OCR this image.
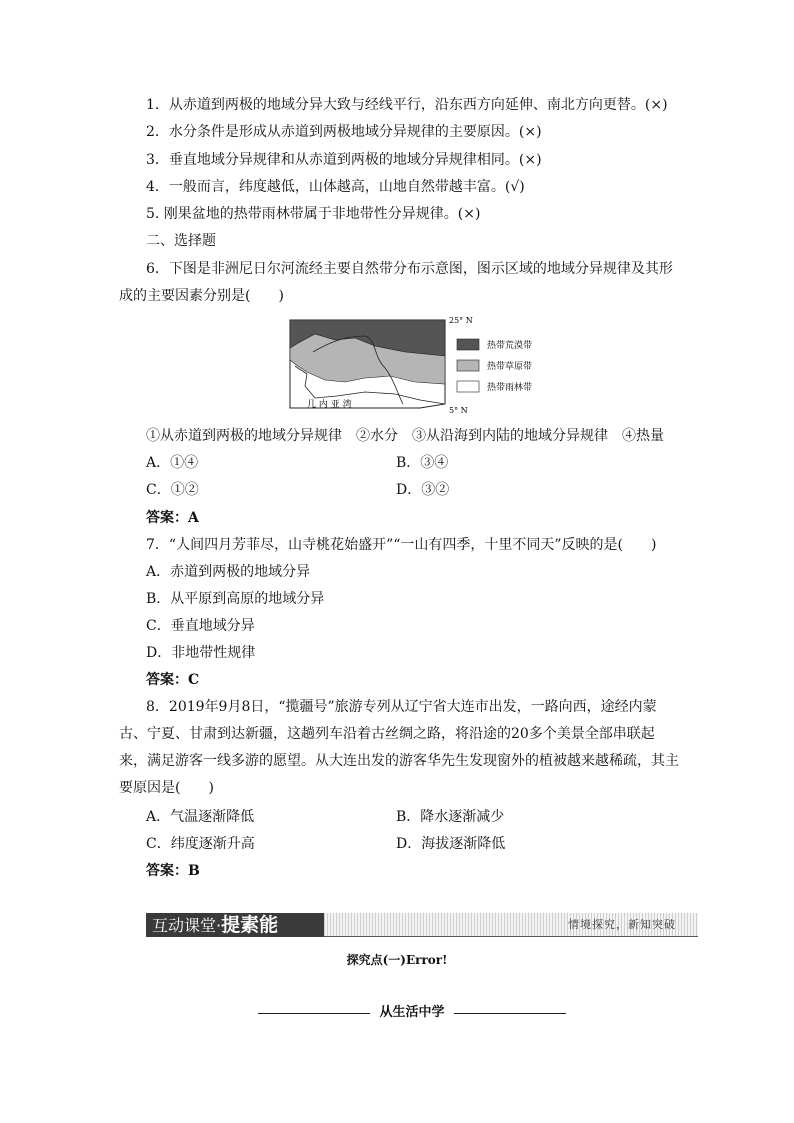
1．从赤道到两极的地域分异大致与经线平行，沿东西方向延伸、南北方向更替。(×)
2．水分条件是形成从赤道到两极地域分异规律的主要原因。(×)
3．垂直地域分异规律和从赤道到两极的地域分异规律相同。(×)
4．一般而言，纬度越低，山体越高，山地自然带越丰富。(√)
5. 刚果盆地的热带雨林带属于非地带性分异规律。(×)
二、选择题
6．下图是非洲尼日尔河流经主要自然带分布示意图，图示区域的地域分异规律及其形
成的主要因素分别是(　　)
几 内 亚 湾
25° N
5° N
热带荒漠带
热带草原带
热带雨林带
①从赤道到两极的地域分异规律　②水分　③从沿海到内陆的地域分异规律　④热量
A．①④	B．③④
C．①②	D．③②
答案：A
7．“人间四月芳菲尽，山寺桃花始盛开”“一山有四季，十里不同天”反映的是(　　)
A．赤道到两极的地域分异
B．从平原到高原的地域分异
C．垂直地域分异
D．非地带性规律
答案：C
8．2019年9月8日，“揽疆号”旅游专列从辽宁省大连市出发，一路向西，途经内蒙古、宁夏、甘肃到达新疆，这趟列车沿着古丝绸之路，将沿途的20多个美景全部串联起来，满足游客一线多游的愿望。从大连出发的游客华先生发现窗外的植被越来越稀疏，其主要原因是(　　)
A．气温逐渐降低	B．降水逐渐减少
C．纬度逐渐升高	D．海拔逐渐降低
答案：B
互动课堂·提素能	情境探究，新知突破
探究点(一)Error!
从生活中学
